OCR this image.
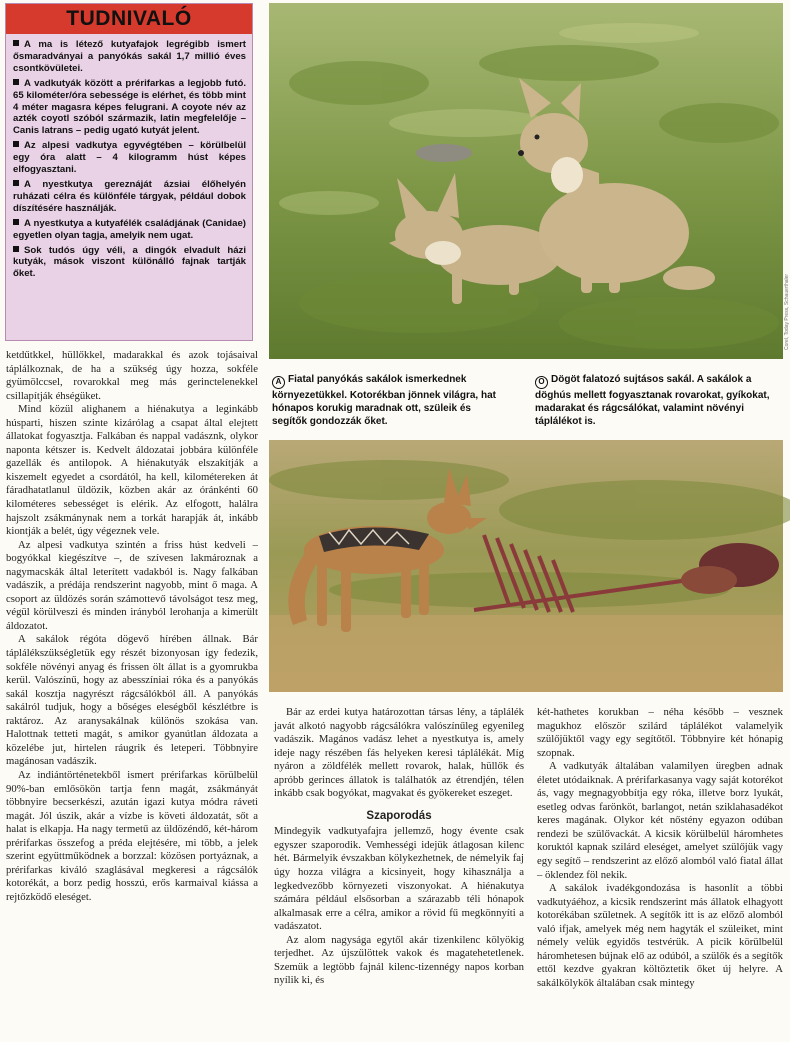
TUDNIVALÓ
A ma is létező kutyafajok legrégibb ismert ősmaradványai a panyókás sakál 1,7 millió éves csontkövületei.
A vadkutyák között a prérifarkas a legjobb futó. 65 kilométer/óra sebessége is elérhet, és több mint 4 méter magasra képes felugrani. A coyote név az azték coyotl szóból származik, latin megfelelője – Canis latrans – pedig ugató kutyát jelent.
Az alpesi vadkutya egyvégtében – körülbelül egy óra alatt – 4 kilogramm húst képes elfogyasztani.
A nyestkutya gereznáját ázsiai élőhelyén ruházati célra és különféle tárgyak, például dobok díszítésére használják.
A nyestkutya a kutyafélék családjának (Canidae) egyetlen olyan tagja, amelyik nem ugat.
Sok tudós úgy véli, a dingók elvadult házi kutyák, mások viszont különálló fajnak tartják őket.
Corel, Today Press, Schauerthaler
A Fiatal panyókás sakálok ismerkednek környezetükkel. Kotorékban jönnek világra, hat hónapos korukig maradnak ott, szüleik és segítők gondozzák őket.
O Dögöt falatozó sujtásos sakál. A sakálok a döghús mellett fogyasztanak rovarokat, gyíkokat, madarakat és rágcsálókat, valamint növényi táplálékot is.

ketdűtkkel, hüllőkkel, madarakkal és azok tojásaival táplálkoznak, de ha a szükség úgy hozza, sokféle gyümölccsel, rovarokkal meg más gerinctelenekkel csillapítják éhségüket.

Mind közül alighanem a hiénakutya a leginkább húsparti, hiszen szinte kizárólag a csapat által elejtett állatokat fogyasztja. Falkában és nappal vadásznk, olykor naponta kétszer is. Kedvelt áldozatai jobbára különféle gazellák és antilopok. A hiénakutyák elszakítják a kiszemelt egyedet a csordától, ha kell, kilométereken át fáradhatatlanul üldözik, közben akár az óránkénti 60 kilométeres sebességet is elérik. Az elfogott, halálra hajszolt zsákmánynak nem a torkát harapják át, inkább kiontják a belét, úgy végeznek vele.

Az alpesi vadkutya szintén a friss húst kedveli – bogyókkal kiegészítve –, de szívesen lakmároznak a nagymacskák által leterített vadakból is. Nagy falkában vadászik, a prédája rendszerint nagyobb, mint ő maga. A csoport az üldözés során számottevő távolságot tesz meg, végül körülveszi és minden irányból lerohanja a kimerült áldozatot.

A sakálok régóta dögevő hírében állnak. Bár táplálékszükségletük egy részét bizonyosan így fedezik, sokféle növényi anyag és frissen ölt állat is a gyomrukba kerül. Valószínű, hogy az abesszíniai róka és a panyókás sakál kosztja nagyrészt rágcsálókból áll. A panyókás sakálról tudjuk, hogy a bőséges eleségből készlétbre is raktároz. Az aranysakálnak különös szokása van. Halottnak tetteti magát, s amikor gyanútlan áldozata a közelébe jut, hirtelen ráugrik és leteperi. Többnyire magánosan vadászik.

Az indiántörténetekből ismert prérifarkas körülbelül 90%-ban emlősökön tartja fenn magát, zsákmányát többnyire becserkészi, azután igazi kutya módra ráveti magát. Jól úszik, akár a vízbe is követi áldozatát, sőt a halat is elkapja. Ha nagy termetű az üldözéndő, két-három prérifarkas összefog a préda elejtésére, mi több, a jelek szerint együttműködnek a borzzal: közösen portyáznak, a prérifarkas kiváló szaglásával megkeresi a rágcsálók kotorékát, a borz pedig hosszú, erős karmaival kiássa a rejtőzködő eleséget.

Bár az erdei kutya határozottan társas lény, a táplálék javát alkotó nagyobb rágcsálókra valószínűleg egyenileg vadászik. Magános vadász lehet a nyestkutya is, amely ideje nagy részében fás helyeken keresi táplálékát. Míg nyáron a zöldfélék mellett rovarok, halak, hüllők és apróbb gerinces állatok is találhatók az étrendjén, télen inkább csak bogyókat, magvakat és gyökereket eszeget.

Szaporodás

Mindegyik vadkutyafajra jellemző, hogy évente csak egyszer szaporodik. Vemhességi idejük átlagosan kilenc hét. Bármelyik évszakban kölykezhetnek, de némelyik faj úgy hozza világra a kicsinyeit, hogy kihasználja a legkedvezőbb környezeti viszonyokat. A hiénakutya számára például elsősorban a szárazabb téli hónapok alkalmasak erre a célra, amikor a rövid fű megkönnyíti a vadászatot.

Az alom nagysága egytől akár tizenkilenc kölyökig terjedhet. Az újszülöttek vakok és magatehetetlenek. Szemük a legtöbb fajnál kilenc-tizennégy napos korban nyílik ki, és

két-hathetes korukban – néha később – vesznek magukhoz először szilárd táplálékot valamelyik szülőjüktől vagy egy segítőtől. Többnyire két hónapig szopnak.

A vadkutyák általában valamilyen üregben adnak életet utódaiknak. A prérifarkasanya vagy saját kotorékot ás, vagy megnagyobbítja egy róka, illetve borz lyukát, esetleg odvas farönköt, barlangot, netán sziklahasadékot keres magának. Olykor két nőstény egyazon odúban rendezi be szülővackát. A kicsik körülbelül háromhetes koruktól kapnak szilárd eleséget, amelyet szülőjük vagy egy segítő – rendszerint az előző alomból való fiatal állat – öklendez föl nekik.

A sakálok ivadékgondozása is hasonlít a többi vadkutyáéhoz, a kicsik rendszerint más állatok elhagyott kotorékában születnek. A segítők itt is az előző alomból való ifjak, amelyek még nem hagyták el szüleiket, mint némely velük egyidős testvérük. A picik körülbelül háromhetesen bújnak elő az odúból, a szülők és a segítők ettől kezdve gyakran költöztetik őket új helyre. A sakálkölykök általában csak mintegy
